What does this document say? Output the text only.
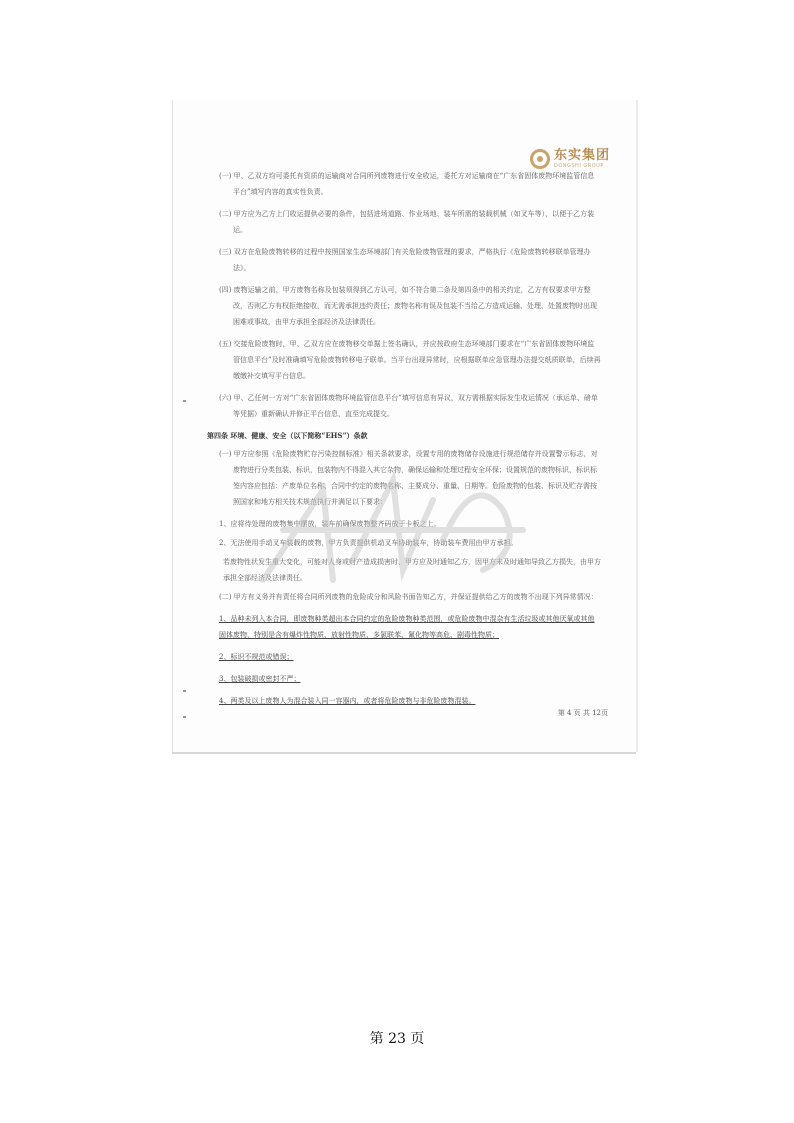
东实集团
DONGSHI GROUP

(一) 甲、乙双方均可委托有资质的运输商对合同所列废物进行安全收运，委托方对运输商在“广东省固体废物环境监管信息平台”填写内容的真实性负责。

(二) 甲方应为乙方上门收运提供必要的条件，包括进场道路、作业场地、装车所需的装载机械（如叉车等），以便于乙方装运。

(三) 双方在危险废物转移的过程中按照国家生态环境部门有关危险废物管理的要求，严格执行《危险废物转移联单管理办法》。

(四) 废物运输之前，甲方废物名称及包装须得到乙方认可，如不符合第二条及第四条中的相关约定，乙方有权要求甲方整改，否则乙方有权拒绝接收，而无需承担违约责任；废物名称有误及包装不当给乙方造成运输、处理、处置废物时出现困难或事故，由甲方承担全部经济及法律责任。

(五) 交接危险废物时，甲、乙双方应在废物移交单据上签名确认，并应按政府生态环境部门要求在“广东省固体废物环境监管信息平台”及时准确填写危险废物转移电子联单。当平台出现异常时，应根据联单应急管理办法提交纸质联单，后续再缴缴补交填写平台信息。

(六) 甲、乙任何一方对“广东省固体废物环境监管信息平台”填写信息有异议，双方需根据实际发生收运情况（承运单、磅单等凭据）重新确认并修正平台信息，直至完成提交。

第四条 环境、健康、安全（以下简称“EHS”）条款

(一) 甲方应参照《危险废物贮存污染控制标准》相关条款要求，设置专用的废物储存设施进行规范储存并设置警示标志，对废物进行分类包装、标识，包装物内不得混入其它杂物，确保运输和处理过程安全环保；设置规范的废物标识，标识标签内容应包括：产废单位名称、合同中约定的废物名称、主要成分、重量、日期等。危险废物的包装、标识及贮存需按照国家和地方相关技术规范执行并满足以下要求：

1、应将待处理的废物集中摆放，装车前确保废物整齐码放于卡板之上。

2、无法使用手动叉车装载的废物，甲方负责提供机动叉车协助装车，协助装车费用由甲方承担。

若废物性状发生重大变化，可能对人身或财产造成损害时，甲方应及时通知乙方，因甲方未及时通知导致乙方损失，由甲方承担全部经济及法律责任。

(二) 甲方有义务并有责任将合同所列废物的危险成分和风险书面告知乙方，并保证提供给乙方的废物不出现下列异常情况：

1、品种未列入本合同，即废物种类超出本合同约定的危险废物种类范围，或危险废物中混杂有生活垃圾或其他厌氧或其他固体废物，特别是含有爆炸性物质、放射性物质、多氯联苯、氰化物等高危、剧毒性物质；

2、标识不规范或错误；

3、包装破损或密封不严；

4、两类及以上废物人为混合装入同一容器内，或者将危险废物与非危险废物混装。

第 4 页 共 12页
第 23 页
